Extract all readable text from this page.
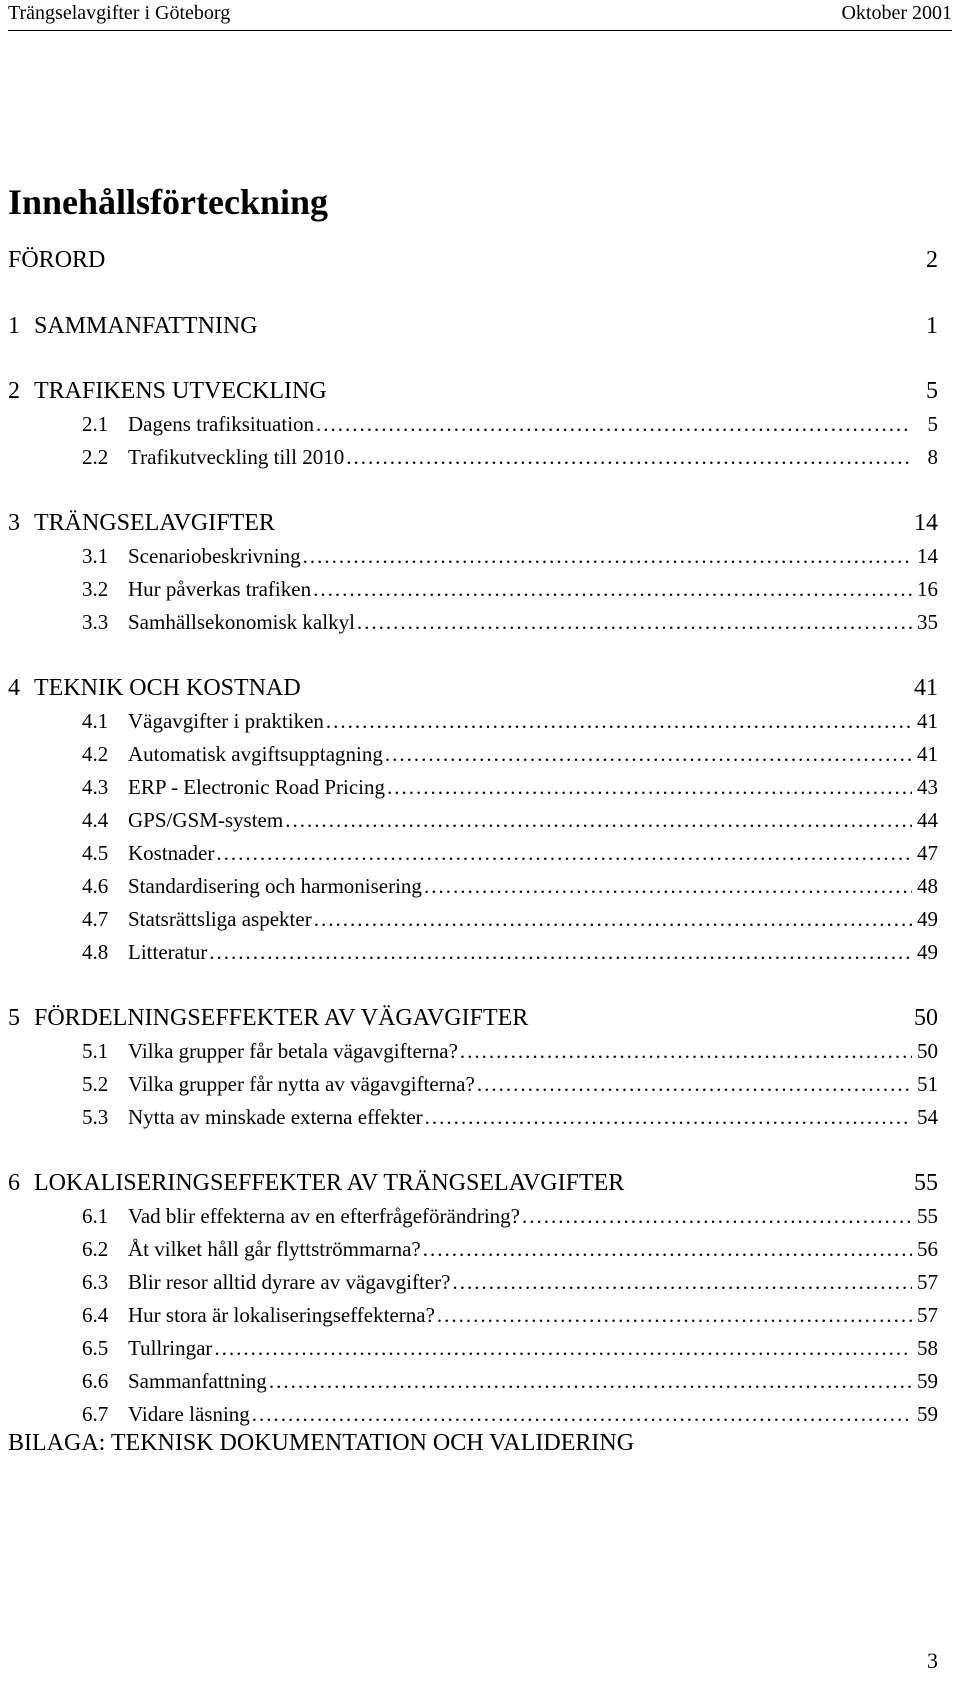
Trängselavgifter i Göteborg	Oktober 2001
Innehållsförteckning
FÖRORD	2
1 SAMMANFATTNING	1
2 TRAFIKENS UTVECKLING	5
2.1 Dagens trafiksituation .....	5
2.2 Trafikutveckling till 2010 .....	8
3 TRÄNGSELAVGIFTER	14
3.1 Scenariobeskrivning .....	14
3.2 Hur påverkas trafiken .....	16
3.3 Samhällsekonomisk kalkyl .....	35
4 TEKNIK OCH KOSTNAD	41
4.1 Vägavgifter i praktiken .....	41
4.2 Automatisk avgiftsupptagning .....	41
4.3 ERP - Electronic Road Pricing .....	43
4.4 GPS/GSM-system .....	44
4.5 Kostnader .....	47
4.6 Standardisering och harmonisering .....	48
4.7 Statsrättsliga aspekter .....	49
4.8 Litteratur .....	49
5 FÖRDELNINGSEFFEKTER AV VÄGAVGIFTER	50
5.1 Vilka grupper får betala vägavgifterna? .....	50
5.2 Vilka grupper får nytta av vägavgifterna? .....	51
5.3 Nytta av minskade externa effekter .....	54
6 LOKALISERINGSEFFEKTER AV TRÄNGSELAVGIFTER	55
6.1 Vad blir effekterna av en efterfrågeförändring? .....	55
6.2 Åt vilket håll går flyttströmmarna? .....	56
6.3 Blir resor alltid dyrare av vägavgifter? .....	57
6.4 Hur stora är lokaliseringseffekterna? .....	57
6.5 Tullringar .....	58
6.6 Sammanfattning .....	59
6.7 Vidare läsning .....	59
BILAGA: TEKNISK DOKUMENTATION OCH VALIDERING
3
